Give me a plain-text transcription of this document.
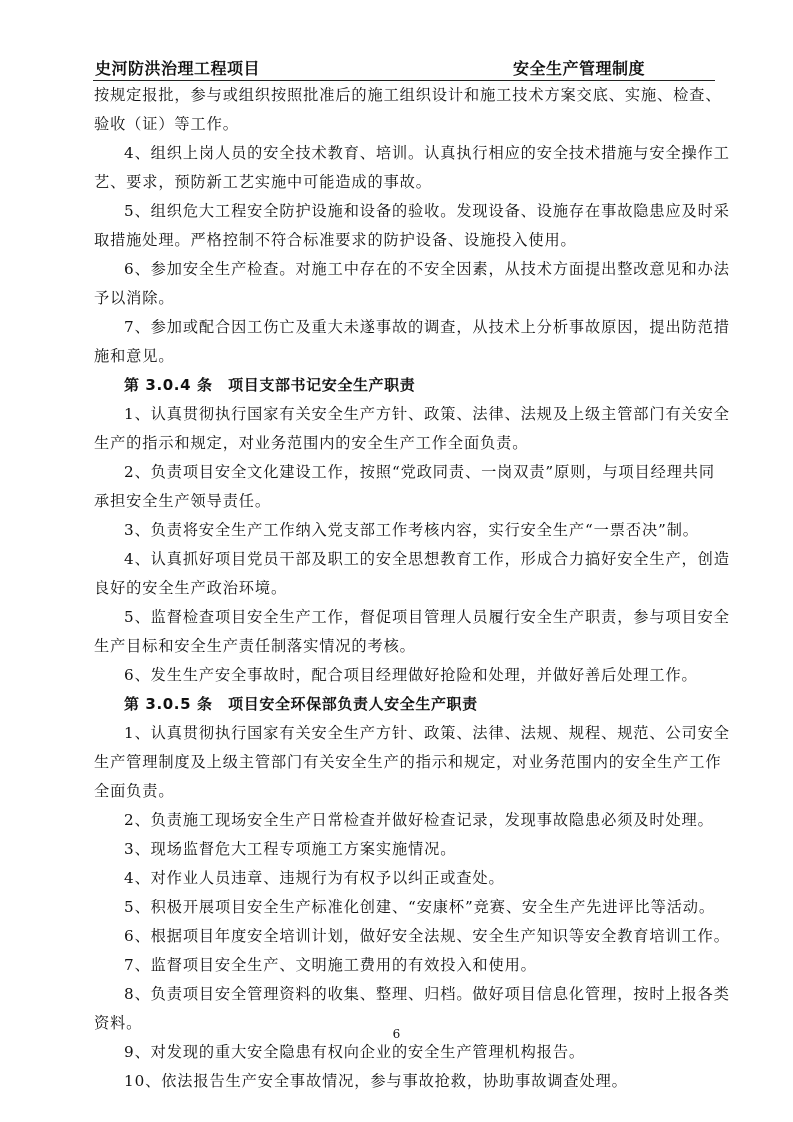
史河防洪治理工程项目	安全生产管理制度
按规定报批，参与或组织按照批准后的施工组织设计和施工技术方案交底、实施、检查、
验收（证）等工作。
4、组织上岗人员的安全技术教育、培训。认真执行相应的安全技术措施与安全操作工
艺、要求，预防新工艺实施中可能造成的事故。
5、组织危大工程安全防护设施和设备的验收。发现设备、设施存在事故隐患应及时采
取措施处理。严格控制不符合标准要求的防护设备、设施投入使用。
6、参加安全生产检查。对施工中存在的不安全因素，从技术方面提出整改意见和办法
予以消除。
7、参加或配合因工伤亡及重大未遂事故的调查，从技术上分析事故原因，提出防范措
施和意见。
第 3.0.4 条　项目支部书记安全生产职责
1、认真贯彻执行国家有关安全生产方针、政策、法律、法规及上级主管部门有关安全
生产的指示和规定，对业务范围内的安全生产工作全面负责。
2、负责项目安全文化建设工作，按照“党政同责、一岗双责”原则，与项目经理共同
承担安全生产领导责任。
3、负责将安全生产工作纳入党支部工作考核内容，实行安全生产“一票否决”制。
4、认真抓好项目党员干部及职工的安全思想教育工作，形成合力搞好安全生产，创造
良好的安全生产政治环境。
5、监督检查项目安全生产工作，督促项目管理人员履行安全生产职责，参与项目安全
生产目标和安全生产责任制落实情况的考核。
6、发生生产安全事故时，配合项目经理做好抢险和处理，并做好善后处理工作。
第 3.0.5 条　项目安全环保部负责人安全生产职责
1、认真贯彻执行国家有关安全生产方针、政策、法律、法规、规程、规范、公司安全
生产管理制度及上级主管部门有关安全生产的指示和规定，对业务范围内的安全生产工作
全面负责。
2、负责施工现场安全生产日常检查并做好检查记录，发现事故隐患必须及时处理。
3、现场监督危大工程专项施工方案实施情况。
4、对作业人员违章、违规行为有权予以纠正或查处。
5、积极开展项目安全生产标准化创建、“安康杯”竞赛、安全生产先进评比等活动。
6、根据项目年度安全培训计划，做好安全法规、安全生产知识等安全教育培训工作。
7、监督项目安全生产、文明施工费用的有效投入和使用。
8、负责项目安全管理资料的收集、整理、归档。做好项目信息化管理，按时上报各类
资料。
9、对发现的重大安全隐患有权向企业的安全生产管理机构报告。
10、依法报告生产安全事故情况，参与事故抢救，协助事故调查处理。
6
